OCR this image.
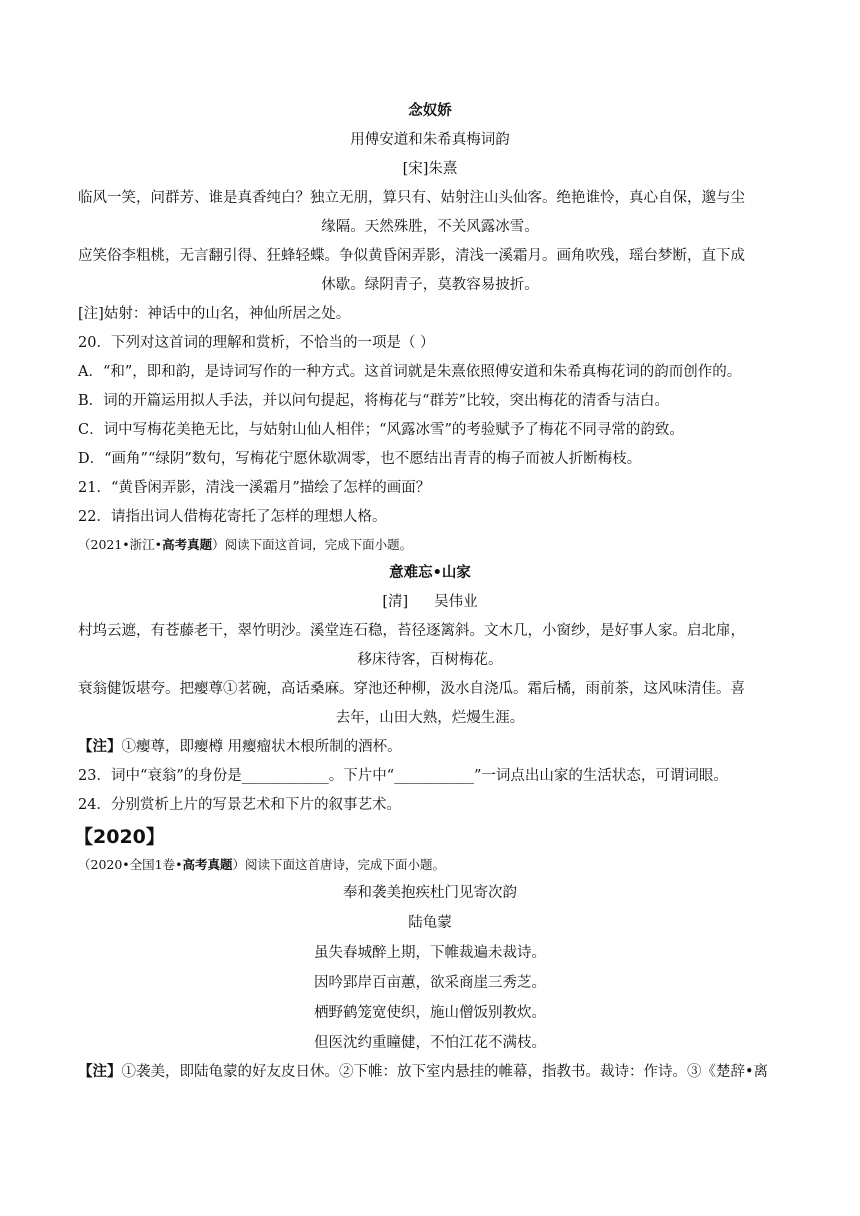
念奴娇
用傅安道和朱希真梅词韵
[宋]朱熹
临风一笑，问群芳、谁是真香纯白？独立无朋，算只有、姑射注山头仙客。绝艳谁怜，真心自保，邈与尘
缘隔。天然殊胜，不关风露冰雪。
应笑俗李粗桃，无言翻引得、狂蜂轻蝶。争似黄昏闲弄影，清浅一溪霜月。画角吹残，瑶台梦断，直下成
休歇。绿阴青子，莫教容易披折。
[注]姑射：神话中的山名，神仙所居之处。
20．下列对这首词的理解和赏析，不恰当的一项是（ ）
A．“和”，即和韵，是诗词写作的一种方式。这首词就是朱熹依照傅安道和朱希真梅花词的韵而创作的。
B．词的开篇运用拟人手法，并以问句提起，将梅花与“群芳”比较，突出梅花的清香与洁白。
C．词中写梅花美艳无比，与姑射山仙人相伴；“风露冰雪”的考验赋予了梅花不同寻常的韵致。
D．“画角”“绿阴”数句，写梅花宁愿休歇凋零，也不愿结出青青的梅子而被人折断梅枝。
21．“黄昏闲弄影，清浅一溪霜月”描绘了怎样的画面？
22．请指出词人借梅花寄托了怎样的理想人格。
（2021•浙江•高考真题）阅读下面这首词，完成下面小题。
意难忘•山家
[清] 吴伟业
村坞云遮，有苍藤老干，翠竹明沙。溪堂连石稳，苔径逐篱斜。文木几，小窗纱，是好事人家。启北扉，
移床待客，百树梅花。
衰翁健饭堪夸。把瘿尊①茗碗，高话桑麻。穿池还种柳，汲水自浇瓜。霜后橘，雨前茶，这风味清佳。喜
去年，山田大熟，烂熳生涯。
【注】①瘿尊，即瘿樽 用瘿瘤状木根所制的酒杯。
23．词中“衰翁”的身份是____________。下片中“___________”一词点出山家的生活状态，可谓词眼。
24．分别赏析上片的写景艺术和下片的叙事艺术。
【2020】
（2020•全国1卷•高考真题）阅读下面这首唐诗，完成下面小题。
奉和袭美抱疾杜门见寄次韵
陆龟蒙
虽失春城醉上期，下帷裁遍未裁诗。
因吟郢岸百亩蕙，欲采商崖三秀芝。
栖野鹤笼宽使织，施山僧饭别教炊。
但医沈约重瞳健，不怕江花不满枝。
【注】①袭美，即陆龟蒙的好友皮日休。②下帷：放下室内悬挂的帷幕，指教书。裁诗：作诗。③《楚辞•离
